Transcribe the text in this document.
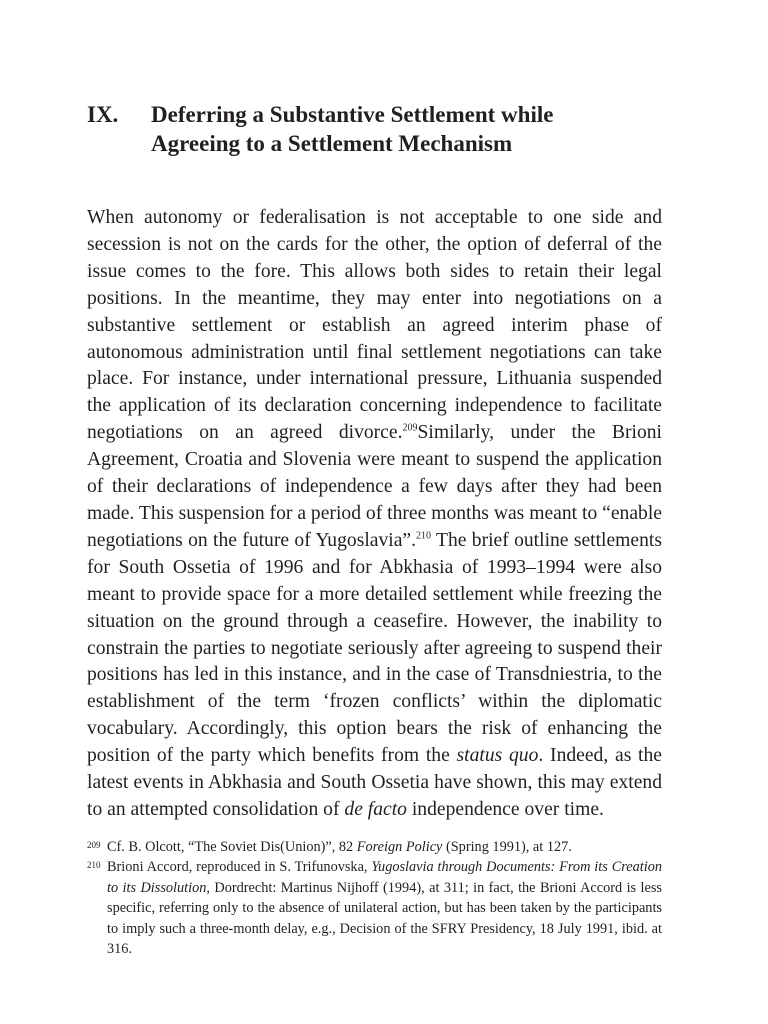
IX.	Deferring a Substantive Settlement while
Agreeing to a Settlement Mechanism

When autonomy or federalisation is not acceptable to one side and secession is not on the cards for the other, the option of deferral of the issue comes to the fore. This allows both sides to retain their legal positions. In the meantime, they may enter into negotiations on a substantive settlement or establish an agreed interim phase of autonomous administration until final settlement negotiations can take place. For instance, under international pressure, Lithuania suspended the application of its declaration concerning independence to facilitate negotiations on an agreed divorce.$^{209}$Similarly, under the Brioni Agreement, Croatia and Slovenia were meant to suspend the application of their declarations of independence a few days after they had been made. This suspension for a period of three months was meant to “enable negotiations on the future of Yugoslavia”.$^{210}$ The brief outline settlements for South Ossetia of 1996 and for Abkhasia of 1993–1994 were also meant to provide space for a more detailed settlement while freezing the situation on the ground through a ceasefire. However, the inability to constrain the parties to negotiate seriously after agreeing to suspend their positions has led in this instance, and in the case of Transdniestria, to the establishment of the term ‘frozen conflicts’ within the diplomatic vocabulary. Accordingly, this option bears the risk of enhancing the position of the party which benefits from the status quo. Indeed, as the latest events in Abkhasia and South Ossetia have shown, this may extend to an attempted consolidation of de facto independence over time.

209 Cf. B. Olcott, “The Soviet Dis(Union)”, 82 Foreign Policy (Spring 1991), at 127.
210 Brioni Accord, reproduced in S. Trifunovska, Yugoslavia through Documents: From its Creation to its Dissolution, Dordrecht: Martinus Nijhoff (1994), at 311; in fact, the Brioni Accord is less specific, referring only to the absence of unilateral action, but has been taken by the participants to imply such a three-month delay, e.g., Decision of the SFRY Presidency, 18 July 1991, ibid. at 316.
